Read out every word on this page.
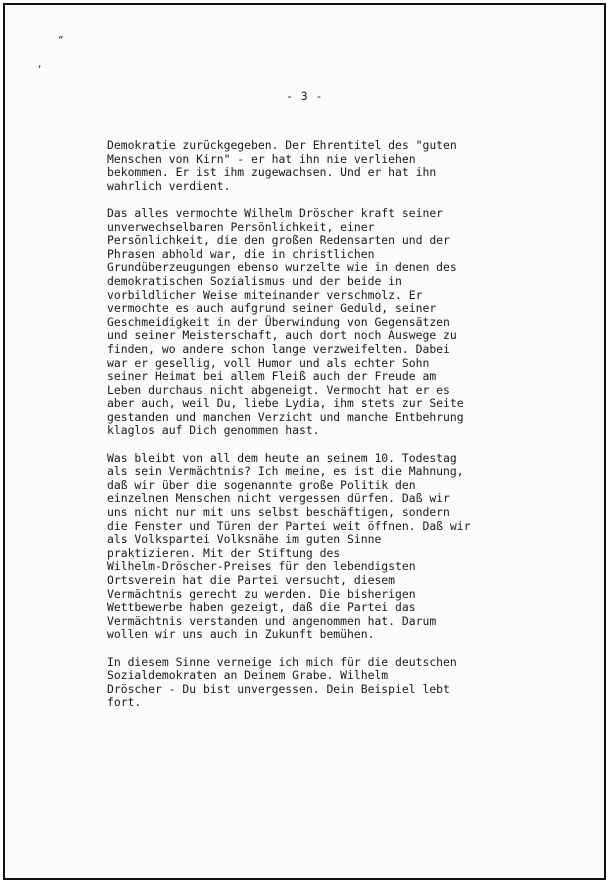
”
,
- 3 -
Demokratie zurückgegeben. Der Ehrentitel des "guten
Menschen von Kirn" - er hat ihn nie verliehen
bekommen. Er ist ihm zugewachsen. Und er hat ihn
wahrlich verdient.
Das alles vermochte Wilhelm Dröscher kraft seiner
unverwechselbaren Persönlichkeit, einer
Persönlichkeit, die den großen Redensarten und der
Phrasen abhold war, die in christlichen
Grundüberzeugungen ebenso wurzelte wie in denen des
demokratischen Sozialismus und der beide in
vorbildlicher Weise miteinander verschmolz. Er
vermochte es auch aufgrund seiner Geduld, seiner
Geschmeidigkeit in der Überwindung von Gegensätzen
und seiner Meisterschaft, auch dort noch Auswege zu
finden, wo andere schon lange verzweifelten. Dabei
war er gesellig, voll Humor und als echter Sohn
seiner Heimat bei allem Fleiß auch der Freude am
Leben durchaus nicht abgeneigt. Vermocht hat er es
aber auch, weil Du, liebe Lydia, ihm stets zur Seite
gestanden und manchen Verzicht und manche Entbehrung
klaglos auf Dich genommen hast.
Was bleibt von all dem heute an seinem 10. Todestag
als sein Vermächtnis? Ich meine, es ist die Mahnung,
daß wir über die sogenannte große Politik den
einzelnen Menschen nicht vergessen dürfen. Daß wir
uns nicht nur mit uns selbst beschäftigen, sondern
die Fenster und Türen der Partei weit öffnen. Daß wir
als Volkspartei Volksnähe im guten Sinne
praktizieren. Mit der Stiftung des
Wilhelm-Dröscher-Preises für den lebendigsten
Ortsverein hat die Partei versucht, diesem
Vermächtnis gerecht zu werden. Die bisherigen
Wettbewerbe haben gezeigt, daß die Partei das
Vermächtnis verstanden und angenommen hat. Darum
wollen wir uns auch in Zukunft bemühen.
In diesem Sinne verneige ich mich für die deutschen
Sozialdemokraten an Deinem Grabe. Wilhelm
Dröscher - Du bist unvergessen. Dein Beispiel lebt
fort.
